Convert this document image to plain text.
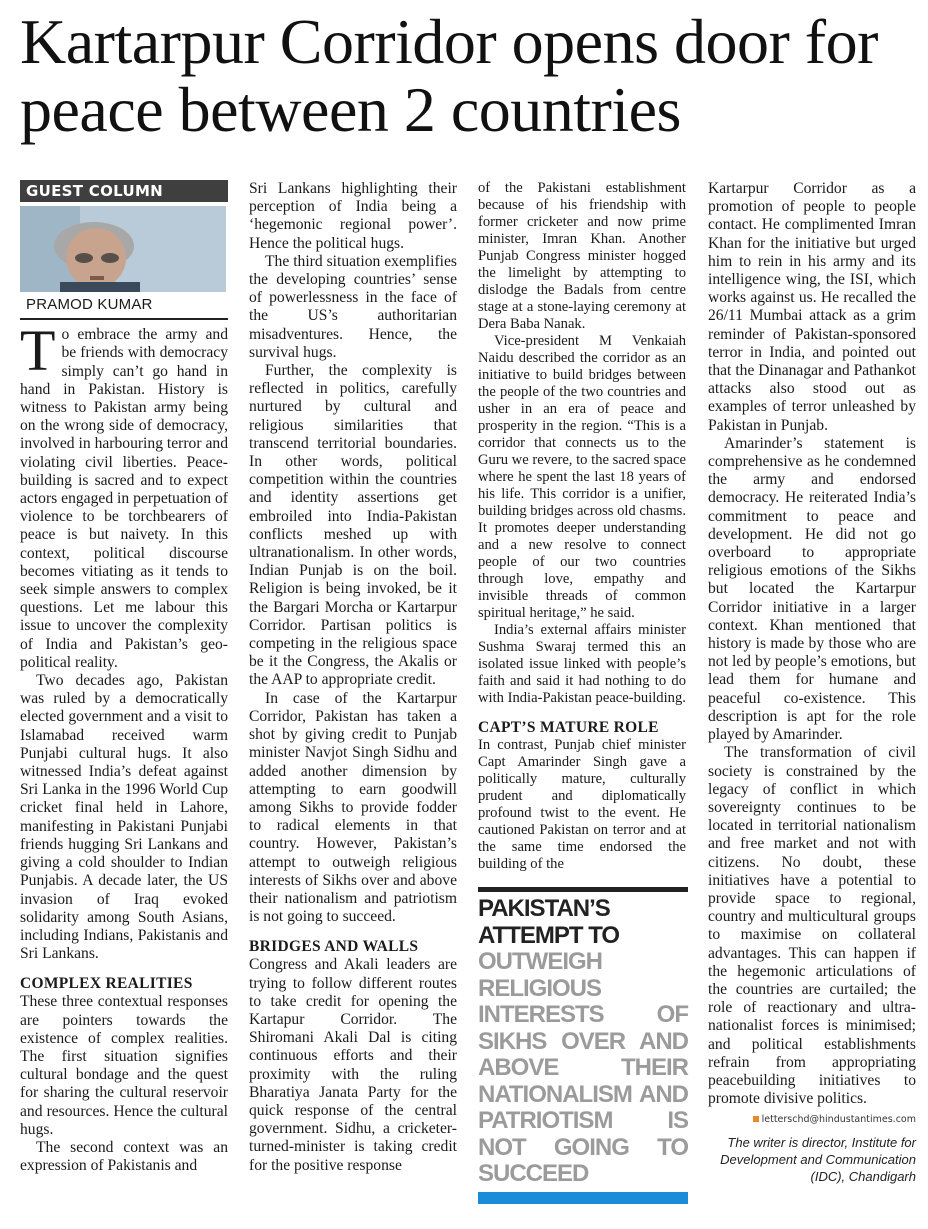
Kartarpur Corridor opens door for peace between 2 countries
GUEST COLUMN
PRAMOD KUMAR

To embrace the army and be friends with democracy simply can’t go hand in hand in Pakistan. History is witness to Pakistan army being on the wrong side of democracy, involved in harbouring terror and violating civil liberties. Peace-building is sacred and to expect actors engaged in perpetuation of violence to be torchbearers of peace is but naivety. In this context, political discourse becomes vitiating as it tends to seek simple answers to complex questions. Let me labour this issue to uncover the complexity of India and Pakistan’s geo-political reality.

Two decades ago, Pakistan was ruled by a democratically elected government and a visit to Islamabad received warm Punjabi cultural hugs. It also witnessed India’s defeat against Sri Lanka in the 1996 World Cup cricket final held in Lahore, manifesting in Pakistani Punjabi friends hugging Sri Lankans and giving a cold shoulder to Indian Punjabis. A decade later, the US invasion of Iraq evoked solidarity among South Asians, including Indians, Pakistanis and Sri Lankans.

COMPLEX REALITIES

These three contextual responses are pointers towards the existence of complex realities. The first situation signifies cultural bondage and the quest for sharing the cultural reservoir and resources. Hence the cultural hugs.

The second context was an expression of Pakistanis and

Sri Lankans highlighting their perception of India being a ‘hegemonic regional power’. Hence the political hugs.

The third situation exemplifies the developing countries’ sense of powerlessness in the face of the US’s authoritarian misadventures. Hence, the survival hugs.

Further, the complexity is reflected in politics, carefully nurtured by cultural and religious similarities that transcend territorial boundaries. In other words, political competition within the countries and identity assertions get embroiled into India-Pakistan conflicts meshed up with ultranationalism. In other words, Indian Punjab is on the boil. Religion is being invoked, be it the Bargari Morcha or Kartarpur Corridor. Partisan politics is competing in the religious space be it the Congress, the Akalis or the AAP to appropriate credit.

In case of the Kartarpur Corridor, Pakistan has taken a shot by giving credit to Punjab minister Navjot Singh Sidhu and added another dimension by attempting to earn goodwill among Sikhs to provide fodder to radical elements in that country. However, Pakistan’s attempt to outweigh religious interests of Sikhs over and above their nationalism and patriotism is not going to succeed.

BRIDGES AND WALLS

Congress and Akali leaders are trying to follow different routes to take credit for opening the Kartapur Corridor. The Shiromani Akali Dal is citing continuous efforts and their proximity with the ruling Bharatiya Janata Party for the quick response of the central government. Sidhu, a cricketer-turned-minister is taking credit for the positive response

of the Pakistani establishment because of his friendship with former cricketer and now prime minister, Imran Khan. Another Punjab Congress minister hogged the limelight by attempting to dislodge the Badals from centre stage at a stone-laying ceremony at Dera Baba Nanak.

Vice-president M Venkaiah Naidu described the corridor as an initiative to build bridges between the people of the two countries and usher in an era of peace and prosperity in the region. “This is a corridor that connects us to the Guru we revere, to the sacred space where he spent the last 18 years of his life. This corridor is a unifier, building bridges across old chasms. It promotes deeper understanding and a new resolve to connect people of our two countries through love, empathy and invisible threads of common spiritual heritage,” he said.

India’s external affairs minister Sushma Swaraj termed this an isolated issue linked with people’s faith and said it had nothing to do with India-Pakistan peace-building.

CAPT’S MATURE ROLE

In contrast, Punjab chief minister Capt Amarinder Singh gave a politically mature, culturally prudent and diplomatically profound twist to the event. He cautioned Pakistan on terror and at the same time endorsed the building of the

PAKISTAN’S ATTEMPT TO
OUTWEIGH RELIGIOUS INTERESTS OF SIKHS OVER AND ABOVE THEIR NATIONALISM AND PATRIOTISM IS NOT GOING TO SUCCEED

Kartarpur Corridor as a promotion of people to people contact. He complimented Imran Khan for the initiative but urged him to rein in his army and its intelligence wing, the ISI, which works against us. He recalled the 26/11 Mumbai attack as a grim reminder of Pakistan-sponsored terror in India, and pointed out that the Dinanagar and Pathankot attacks also stood out as examples of terror unleashed by Pakistan in Punjab.

Amarinder’s statement is comprehensive as he condemned the army and endorsed democracy. He reiterated India’s commitment to peace and development. He did not go overboard to appropriate religious emotions of the Sikhs but located the Kartarpur Corridor initiative in a larger context. Khan mentioned that history is made by those who are not led by people’s emotions, but lead them for humane and peaceful co-existence. This description is apt for the role played by Amarinder.

The transformation of civil society is constrained by the legacy of conflict in which sovereignty continues to be located in territorial nationalism and free market and not with citizens. No doubt, these initiatives have a potential to provide space to regional, country and multicultural groups to maximise on collateral advantages. This can happen if the hegemonic articulations of the countries are curtailed; the role of reactionary and ultra-nationalist forces is minimised; and political establishments refrain from appropriating peacebuilding initiatives to promote divisive politics.

letterschd@hindustantimes.com
The writer is director, Institute for Development and Communication (IDC), Chandigarh
